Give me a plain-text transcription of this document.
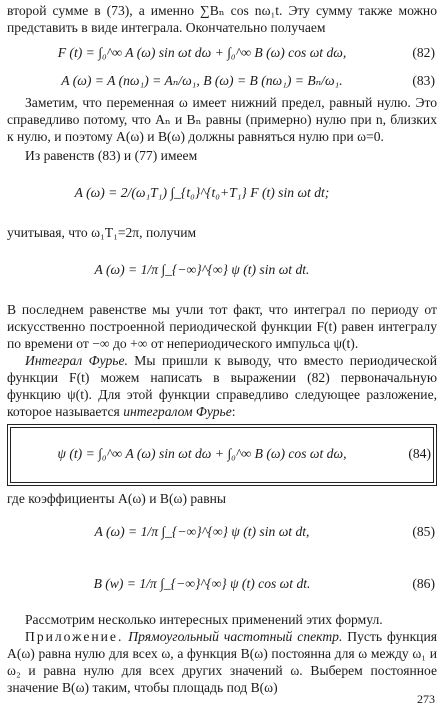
второй сумме в (73), а именно ∑Bₙ cos nω₁t. Эту сумму также можно представить в виде интеграла. Окончательно получаем

F (t) = ∫₀^∞ A (ω) sin ωt dω + ∫₀^∞ B (ω) cos ωt dω,	(82)
A (ω) = A (nω₁) = Aₙ/ω₁, B (ω) = B (nω₁) = Bₙ/ω₁.	(83)

Заметим, что переменная ω имеет нижний предел, равный нулю. Это справедливо потому, что Aₙ и Bₙ равны (примерно) нулю при n, близких к нулю, и поэтому A(ω) и B(ω) должны равняться нулю при ω=0.

Из равенств (83) и (77) имеем

A (ω) = 2/(ω₁T₁) ∫_{t₀}^{t₀+T₁} F (t) sin ωt dt;

учитывая, что ω₁T₁=2π, получим

A (ω) = 1/π ∫_{−∞}^{∞} ψ (t) sin ωt dt.

В последнем равенстве мы учли тот факт, что интеграл по периоду от искусственно построенной периодической функции F(t) равен интегралу по времени от −∞ до +∞ от непериодического импульса ψ(t).

Интеграл Фурье. Мы пришли к выводу, что вместо периодической функции F(t) можем написать в выражении (82) первоначальную функцию ψ(t). Для этой функции справедливо следующее разложение, которое называется интегралом Фурье:

ψ (t) = ∫₀^∞ A (ω) sin ωt dω + ∫₀^∞ B (ω) cos ωt dω,	(84)

где коэффициенты A(ω) и B(ω) равны

A (ω) = 1/π ∫_{−∞}^{∞} ψ (t) sin ωt dt,	(85)
B (w) = 1/π ∫_{−∞}^{∞} ψ (t) cos ωt dt.	(86)

Рассмотрим несколько интересных применений этих формул.

Приложение. Прямоугольный частотный спектр. Пусть функция A(ω) равна нулю для всех ω, а функция B(ω) постоянна для ω между ω₁ и ω₂ и равна нулю для всех других значений ω. Выберем постоянное значение B(ω) таким, чтобы площадь под B(ω)

273
